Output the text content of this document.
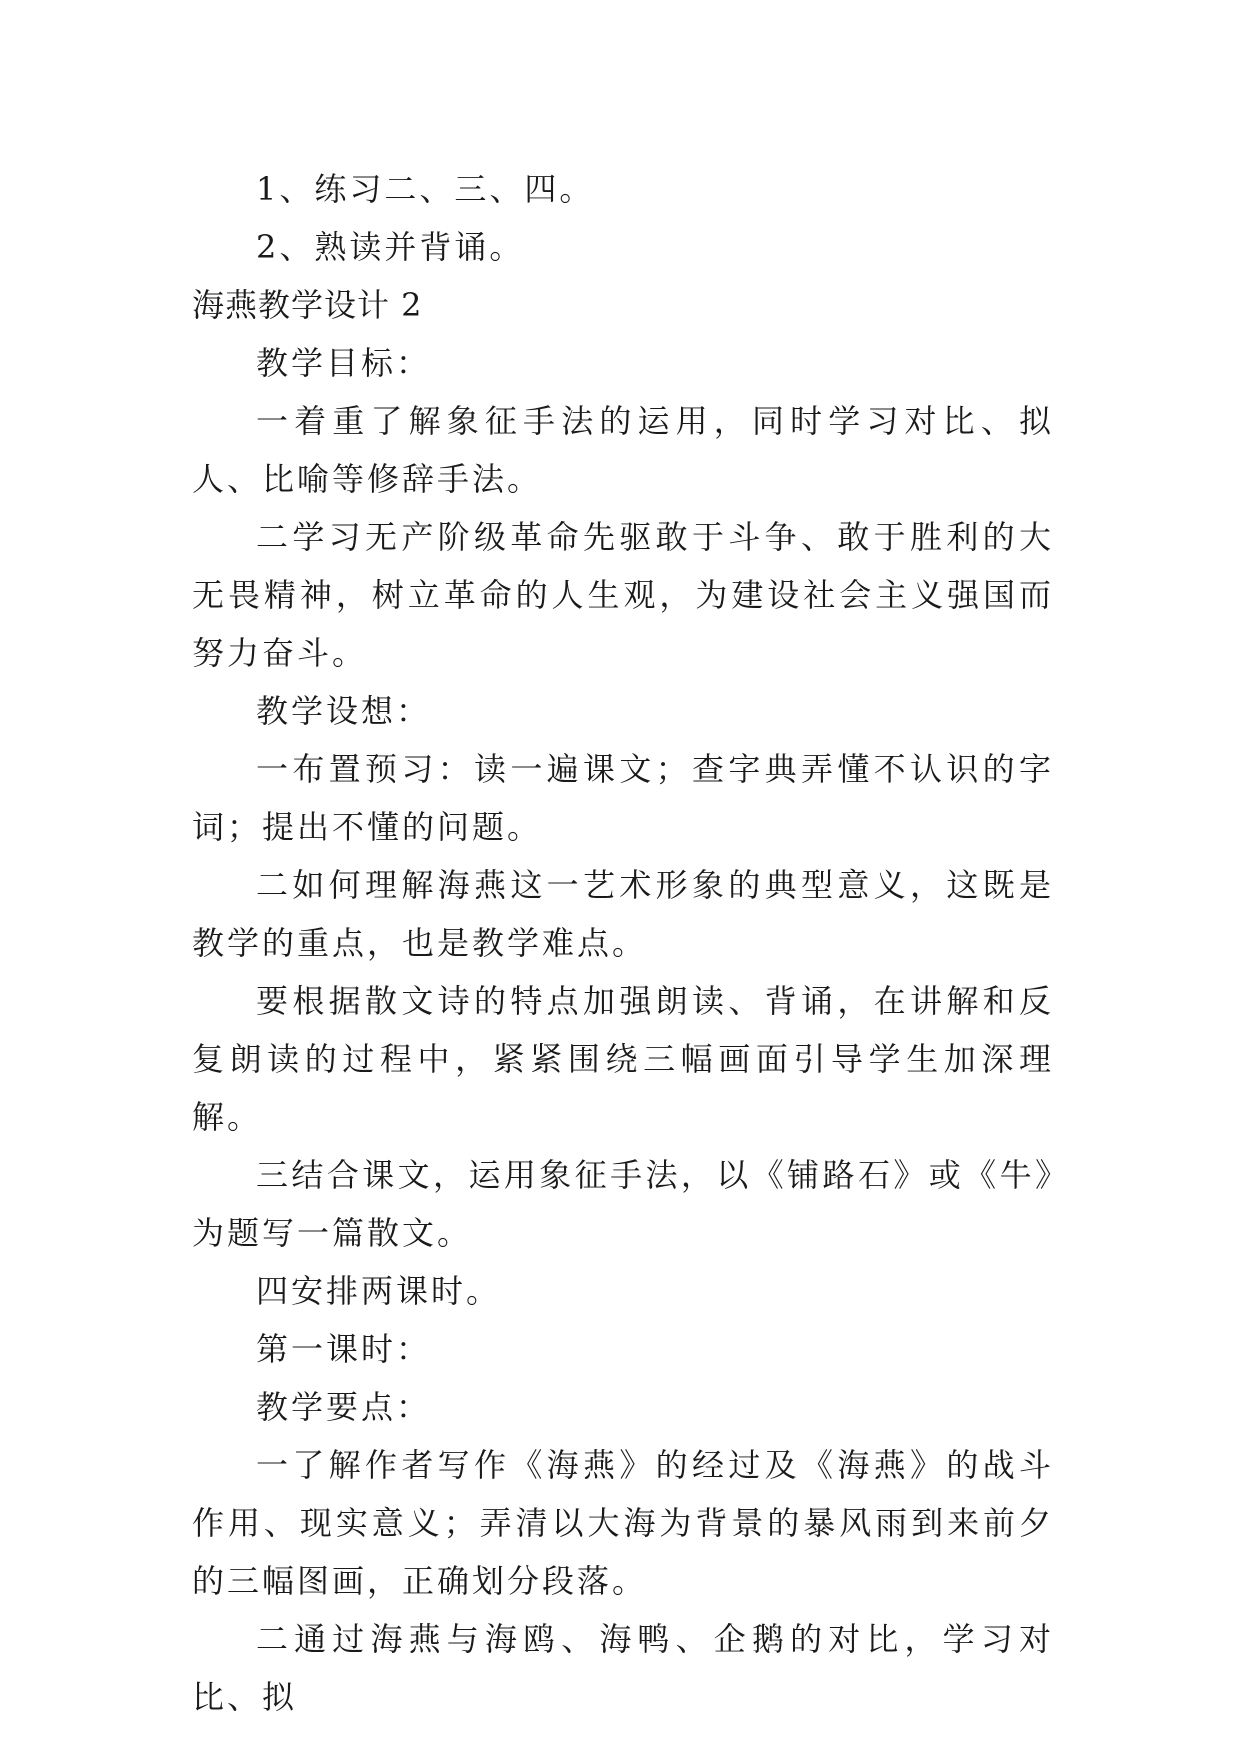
1、练习二、三、四。

2、熟读并背诵。

海燕教学设计 2

教学目标：

一着重了解象征手法的运用，同时学习对比、拟人、比喻等修辞手法。

二学习无产阶级革命先驱敢于斗争、敢于胜利的大无畏精神，树立革命的人生观，为建设社会主义强国而努力奋斗。

教学设想：

一布置预习：读一遍课文；查字典弄懂不认识的字词；提出不懂的问题。

二如何理解海燕这一艺术形象的典型意义，这既是教学的重点，也是教学难点。

要根据散文诗的特点加强朗读、背诵，在讲解和反复朗读的过程中，紧紧围绕三幅画面引导学生加深理解。

三结合课文，运用象征手法，以《铺路石》或《牛》为题写一篇散文。

四安排两课时。

第一课时：

教学要点：

一了解作者写作《海燕》的经过及《海燕》的战斗作用、现实意义；弄清以大海为背景的暴风雨到来前夕的三幅图画，正确划分段落。

二通过海燕与海鸥、海鸭、企鹅的对比，学习对比、拟
